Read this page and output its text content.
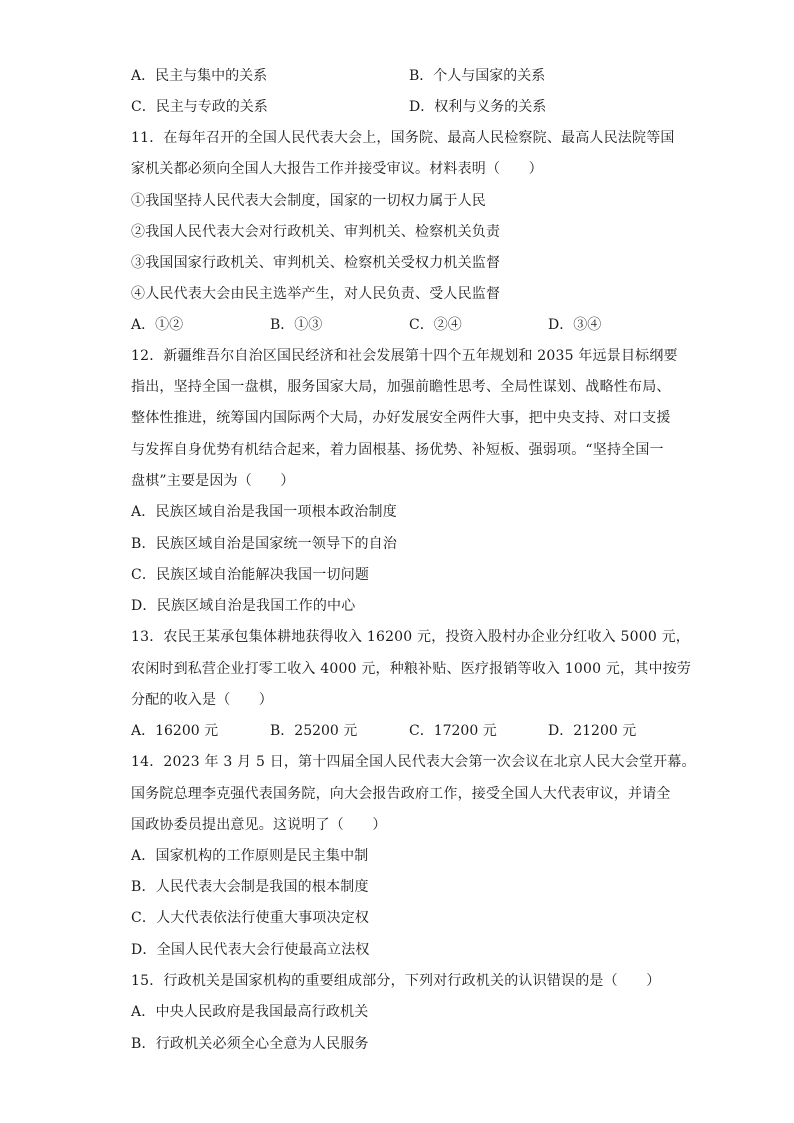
A．民主与集中的关系	B．个人与国家的关系
C．民主与专政的关系	D．权利与义务的关系
11．在每年召开的全国人民代表大会上，国务院、最高人民检察院、最高人民法院等国
家机关都必须向全国人大报告工作并接受审议。材料表明（　　）
①我国坚持人民代表大会制度，国家的一切权力属于人民
②我国人民代表大会对行政机关、审判机关、检察机关负责
③我国国家行政机关、审判机关、检察机关受权力机关监督
④人民代表大会由民主选举产生，对人民负责、受人民监督
A．①②	B．①③	C．②④	D．③④
12．新疆维吾尔自治区国民经济和社会发展第十四个五年规划和 2035 年远景目标纲要
指出，坚持全国一盘棋，服务国家大局，加强前瞻性思考、全局性谋划、战略性布局、
整体性推进，统筹国内国际两个大局，办好发展安全两件大事，把中央支持、对口支援
与发挥自身优势有机结合起来，着力固根基、扬优势、补短板、强弱项。“坚持全国一
盘棋”主要是因为（　　）
A．民族区域自治是我国一项根本政治制度
B．民族区域自治是国家统一领导下的自治
C．民族区域自治能解决我国一切问题
D．民族区域自治是我国工作的中心
13．农民王某承包集体耕地获得收入 16200 元，投资入股村办企业分红收入 5000 元，
农闲时到私营企业打零工收入 4000 元，种粮补贴、医疗报销等收入 1000 元，其中按劳
分配的收入是（　　）
A．16200 元	B．25200 元	C．17200 元	D．21200 元
14．2023 年 3 月 5 日，第十四届全国人民代表大会第一次会议在北京人民大会堂开幕。
国务院总理李克强代表国务院，向大会报告政府工作，接受全国人大代表审议，并请全
国政协委员提出意见。这说明了（　　）
A．国家机构的工作原则是民主集中制
B．人民代表大会制是我国的根本制度
C．人大代表依法行使重大事项决定权
D．全国人民代表大会行使最高立法权
15．行政机关是国家机构的重要组成部分，下列对行政机关的认识错误的是（　　）
A．中央人民政府是我国最高行政机关
B．行政机关必须全心全意为人民服务
